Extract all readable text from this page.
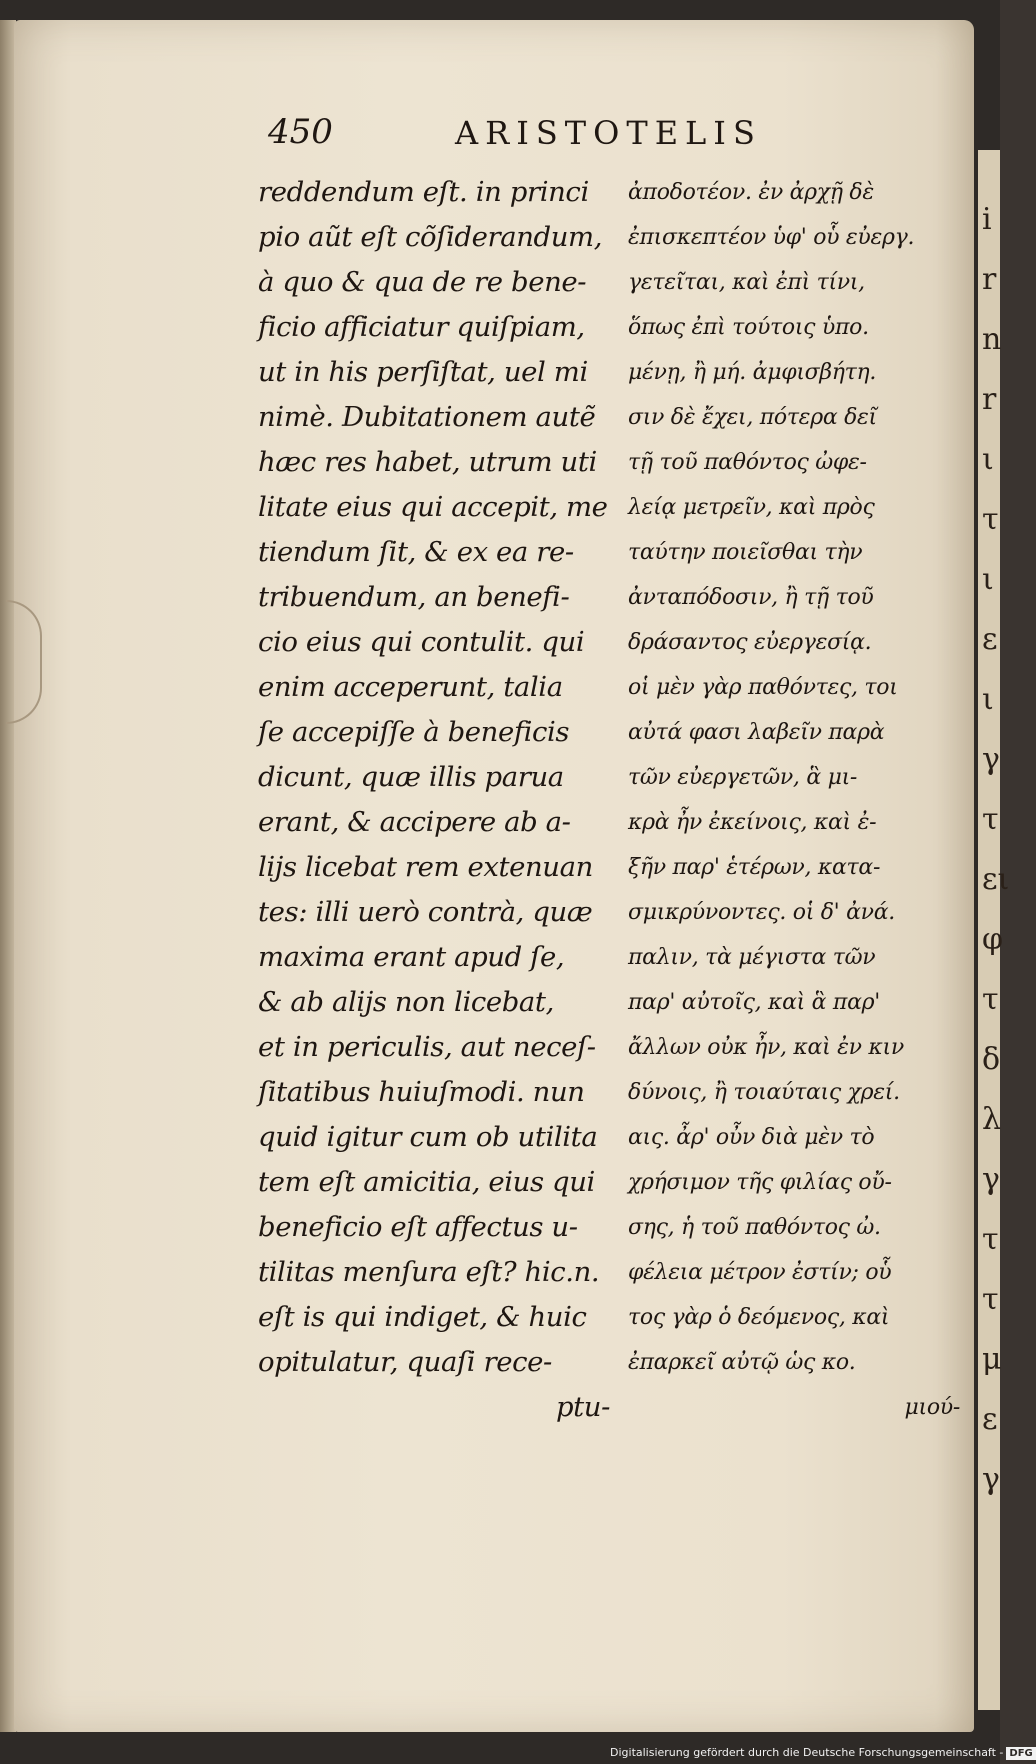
i
r
n
r
ι
τ
ι
ε
ι
γ
τ
ει
φ
τ
δ
λ
γ
τ
τ
μ
ε
γ
450	ARISTOTELIS
reddendum eſt. in princi
pio aũt eſt cõſiderandum,
à quo & qua de re bene-
ficio afficiatur quiſpiam,
ut in his perſiſtat, uel mi
nimè. Dubitationem autẽ
hæc res habet, utrum uti
litate eius qui accepit, me
tiendum ſit, & ex ea re-
tribuendum, an benefi-
cio eius qui contulit. qui
enim acceperunt, talia
ſe accepiſſe à beneficis
dicunt, quæ illis parua
erant, & accipere ab a-
lijs licebat rem extenuan
tes: illi uerò contrà, quæ
maxima erant apud ſe,
& ab alijs non licebat,
et in periculis, aut neceſ-
ſitatibus huiuſmodi. nun
quid igitur cum ob utilita
tem eſt amicitia, eius qui
beneficio eſt affectus u-
tilitas menſura eſt? hic.n.
eſt is qui indiget, & huic
opitulatur, quaſi rece-
ptu-
ἀποδοτέον. ἐν ἀρχῇ δὲ
ἐπισκεπτέον ὑφ' οὗ εὐεργ.
γετεῖται, καὶ ἐπὶ τίνι,
ὅπως ἐπὶ τούτοις ὑπο.
μένῃ, ἢ μή. ἀμφισβήτη.
σιν δὲ ἔχει, πότερα δεῖ
τῇ τοῦ παθόντος ὠφε-
λείᾳ μετρεῖν, καὶ πρὸς
ταύτην ποιεῖσθαι τὴν
ἀνταπόδοσιν, ἢ τῇ τοῦ
δράσαντος εὐεργεσίᾳ.
οἱ μὲν γὰρ παθόντες, τοι
αὐτά φασι λαβεῖν παρὰ
τῶν εὐεργετῶν, ἃ μι-
κρὰ ἦν ἐκείνοις, καὶ ἐ-
ξῆν παρ' ἑτέρων, κατα-
σμικρύνοντες. οἱ δ' ἀνά.
παλιν, τὰ μέγιστα τῶν
παρ' αὐτοῖς, καὶ ἃ παρ'
ἄλλων οὐκ ἦν, καὶ ἐν κιν
δύνοις, ἢ τοιαύταις χρεί.
αις. ἆρ' οὖν διὰ μὲν τὸ
χρήσιμον τῆς φιλίας οὔ-
σης, ἡ τοῦ παθόντος ὠ.
φέλεια μέτρον ἐστίν; οὗ
τος γὰρ ὁ δεόμενος, καὶ
ἐπαρκεῖ αὐτῷ ὡς κο.
μιού-
Digitalisierung gefördert durch die Deutsche Forschungsgemeinschaft - DFG
